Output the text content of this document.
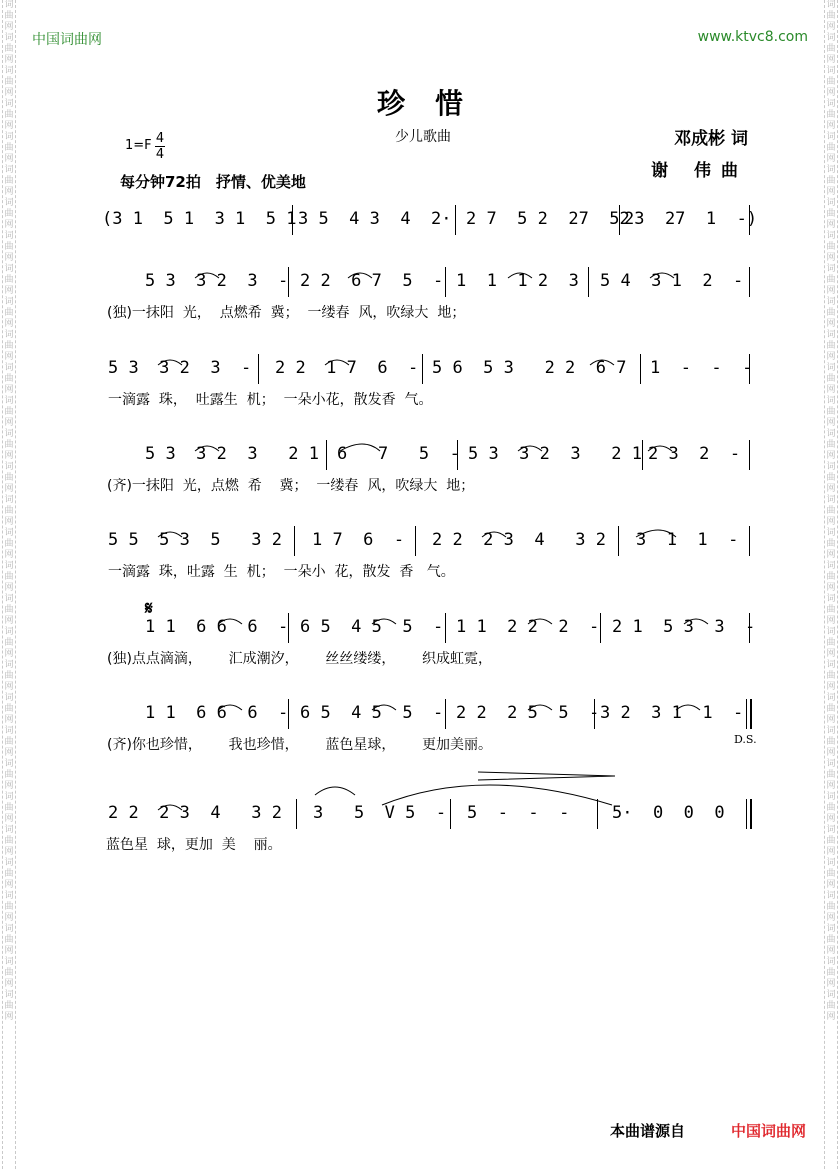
词曲网词曲网词曲网词曲网词曲网词曲网词曲网词曲网词曲网词曲网词曲网词曲网词曲网词曲网词曲网词曲网词曲网词曲网词曲网词曲网词曲网词曲网词曲网词曲网词曲网词曲网词曲网词曲网词曲网词曲网词曲网
词曲网词曲网词曲网词曲网词曲网词曲网词曲网词曲网词曲网词曲网词曲网词曲网词曲网词曲网词曲网词曲网词曲网词曲网词曲网词曲网词曲网词曲网词曲网词曲网词曲网词曲网词曲网词曲网词曲网词曲网词曲网
中国词曲网	www.ktvc8.com
珍惜
少儿歌曲	邓成彬 词
谢 伟曲
1=F 4
4
每分钟72拍　抒情、优美地

(3 1  5 1  3 1  5 1

3 5  4 3  4  2·

2 7  5 2  27  52

23  27  1  -)

5 3  3 2  3  -

2 2  6 7  5  -

1  1  1 2  3

5 4  3 1  2  -

(独)一抹阳  光，  点燃希  冀；  一缕春  风，吹绿大  地；

5 3  3 2  3  -

2 2  1 7  6  -

5 6  5 3   2 2  6 7

1  -  -  -

一滴露  珠，  吐露生  机；  一朵小花，散发香  气。

5 3  3 2  3   2 1

6   7   5  -

5 3  3 2  3   2 1

2 3  2  -

(齐)一抹阳  光，点燃  希    冀；  一缕春  风，吹绿大  地；

5 5  5 3  5   3 2

1 7  6  -

2 2  2 3  4   3 2

3  1  1  -

一滴露  珠，吐露  生  机；  一朵小  花，散发  香   气。

𝄋

1 1  6 6  6  -

6 5  4 5  5  -

1 1  2 2  2  -

2 1  5 3  3  -

(独)点点滴滴，      汇成潮汐，      丝丝缕缕，      织成虹霓，

1 1  6 6  6  -

6 5  4 5  5  -

2 2  2 5  5  -

3 2  3 1  1  -

(齐)你也珍惜，      我也珍惜，      蓝色星球，      更加美丽。

	D.S.

2 2  2 3  4   3 2

3   5  V 5  -

5  -  -  -

	5·  0  0  0

蓝色星  球，更加  美    丽。

本曲谱源自	中国词曲网
